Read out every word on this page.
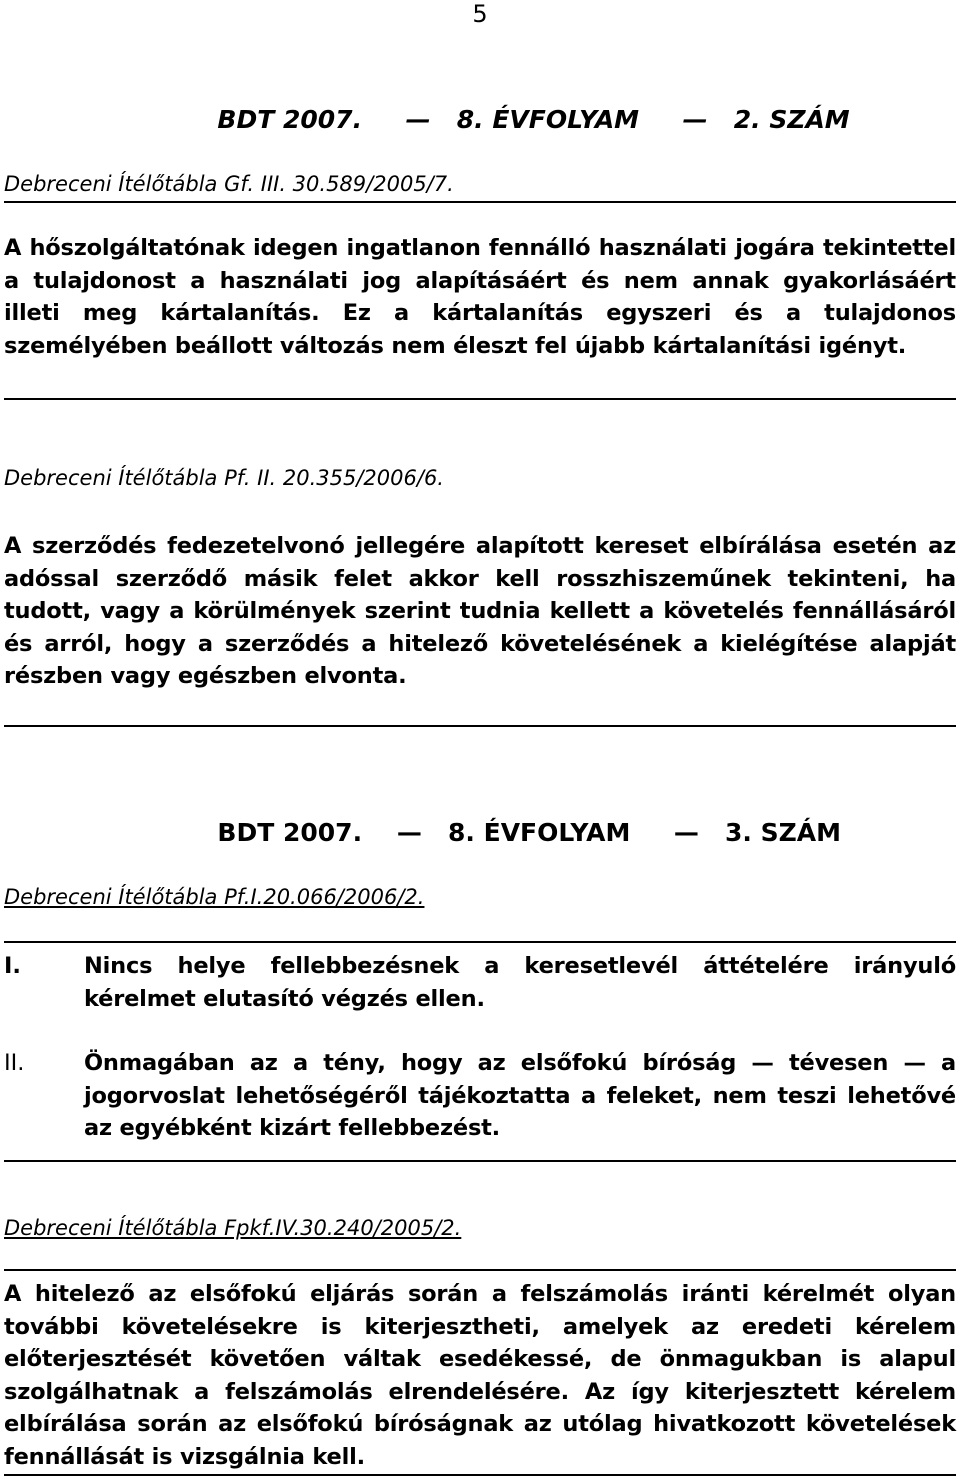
5

BDT 2007. — 8. ÉVFOLYAM — 2. SZÁM

Debreceni Ítélőtábla Gf. III. 30.589/2005/7.

A hőszolgáltatónak idegen ingatlanon fennálló használati jogára tekintettel a tulajdonost a használati jog alapításáért és nem annak gyakorlásáért illeti meg kártalanítás. Ez a kártalanítás egyszeri és a tulajdonos személyében beállott változás nem éleszt fel újabb kártalanítási igényt.

Debreceni Ítélőtábla Pf. II. 20.355/2006/6.

A szerződés fedezetelvonó jellegére alapított kereset elbírálása esetén az adóssal szerződő másik felet akkor kell rosszhiszeműnek tekinteni, ha tudott, vagy a körülmények szerint tudnia kellett a követelés fennállásáról és arról, hogy a szerződés a hitelező követelésének a kielégítése alapját részben vagy egészben elvonta.

BDT 2007. — 8. ÉVFOLYAM — 3. SZÁM

Debreceni Ítélőtábla Pf.I.20.066/2006/2.
I.	Nincs helye fellebbezésnek a keresetlevél áttételére irányuló kérelmet elutasító végzés ellen.
II.	Önmagában az a tény, hogy az elsőfokú bíróság — tévesen — a jogorvoslat lehetőségéről tájékoztatta a feleket, nem teszi lehetővé az egyébként kizárt fellebbezést.
Debreceni Ítélőtábla Fpkf.IV.30.240/2005/2.

A hitelező az elsőfokú eljárás során a felszámolás iránti kérelmét olyan további követelésekre is kiterjesztheti, amelyek az eredeti kérelem előterjesztését követően váltak esedékessé, de önmagukban is alapul szolgálhatnak a felszámolás elrendelésére. Az így kiterjesztett kérelem elbírálása során az elsőfokú bíróságnak az utólag hivatkozott követelések fennállását is vizsgálnia kell.
